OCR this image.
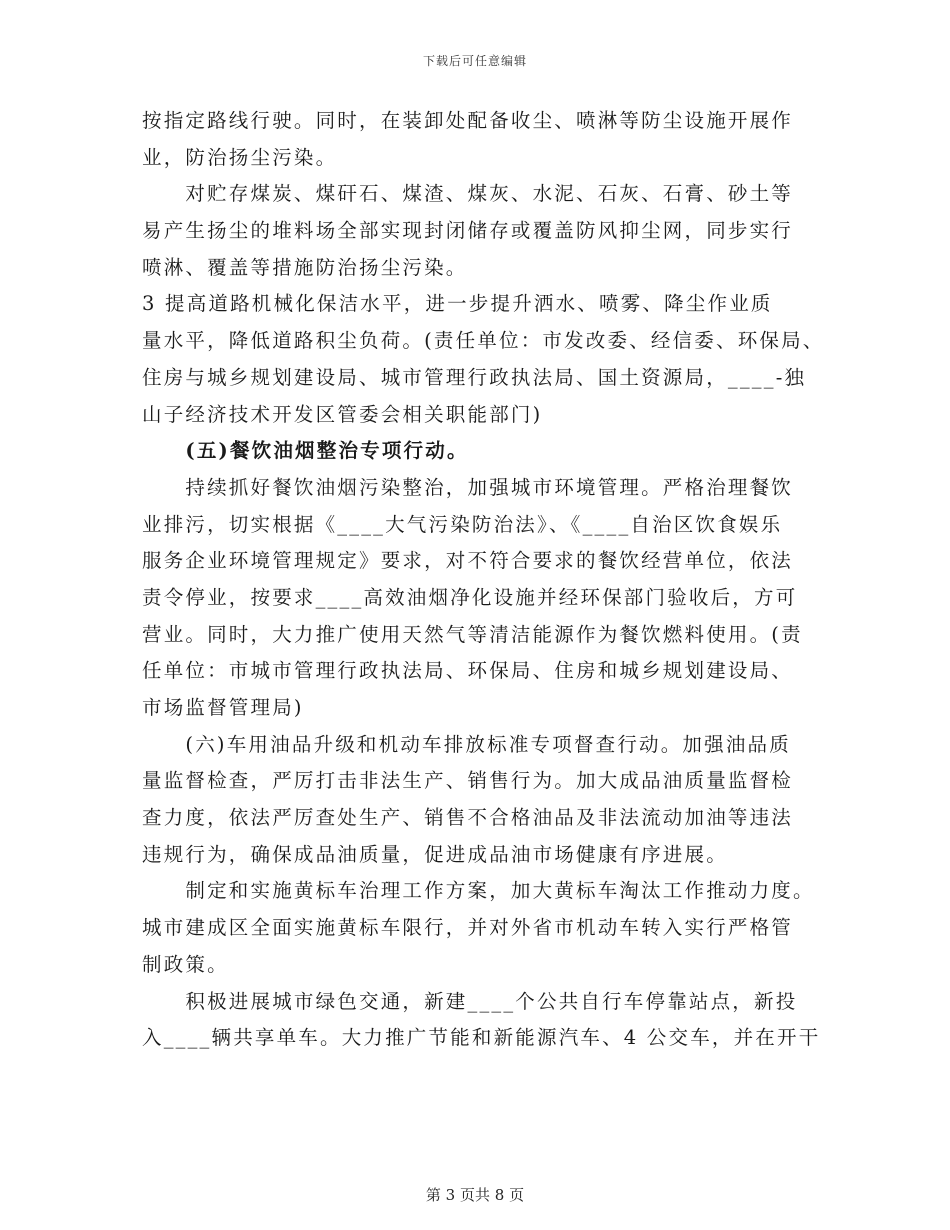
下载后可任意编辑
按指定路线行驶。同时，在装卸处配备收尘、喷淋等防尘设施开展作
业，防治扬尘污染。
　　对贮存煤炭、煤矸石、煤渣、煤灰、水泥、石灰、石膏、砂土等
易产生扬尘的堆料场全部实现封闭储存或覆盖防风抑尘网，同步实行
喷淋、覆盖等措施防治扬尘污染。
3 提高道路机械化保洁水平，进一步提升洒水、喷雾、降尘作业质
量水平，降低道路积尘负荷。(责任单位：市发改委、经信委、环保局、
住房与城乡规划建设局、城市管理行政执法局、国土资源局，____-独
山子经济技术开发区管委会相关职能部门)
　　(五)餐饮油烟整治专项行动。
　　持续抓好餐饮油烟污染整治，加强城市环境管理。严格治理餐饮
业排污，切实根据《____大气污染防治法》、《____自治区饮食娱乐
服务企业环境管理规定》要求，对不符合要求的餐饮经营单位，依法
责令停业，按要求____高效油烟净化设施并经环保部门验收后，方可
营业。同时，大力推广使用天然气等清洁能源作为餐饮燃料使用。(责
任单位：市城市管理行政执法局、环保局、住房和城乡规划建设局、
市场监督管理局)
　　(六)车用油品升级和机动车排放标准专项督查行动。加强油品质
量监督检查，严厉打击非法生产、销售行为。加大成品油质量监督检
查力度，依法严厉查处生产、销售不合格油品及非法流动加油等违法
违规行为，确保成品油质量，促进成品油市场健康有序进展。
　　制定和实施黄标车治理工作方案，加大黄标车淘汰工作推动力度。
城市建成区全面实施黄标车限行，并对外省市机动车转入实行严格管
制政策。
　　积极进展城市绿色交通，新建____个公共自行车停靠站点，新投
入____辆共享单车。大力推广节能和新能源汽车、4 公交车，并在开干
第 3 页共 8 页
